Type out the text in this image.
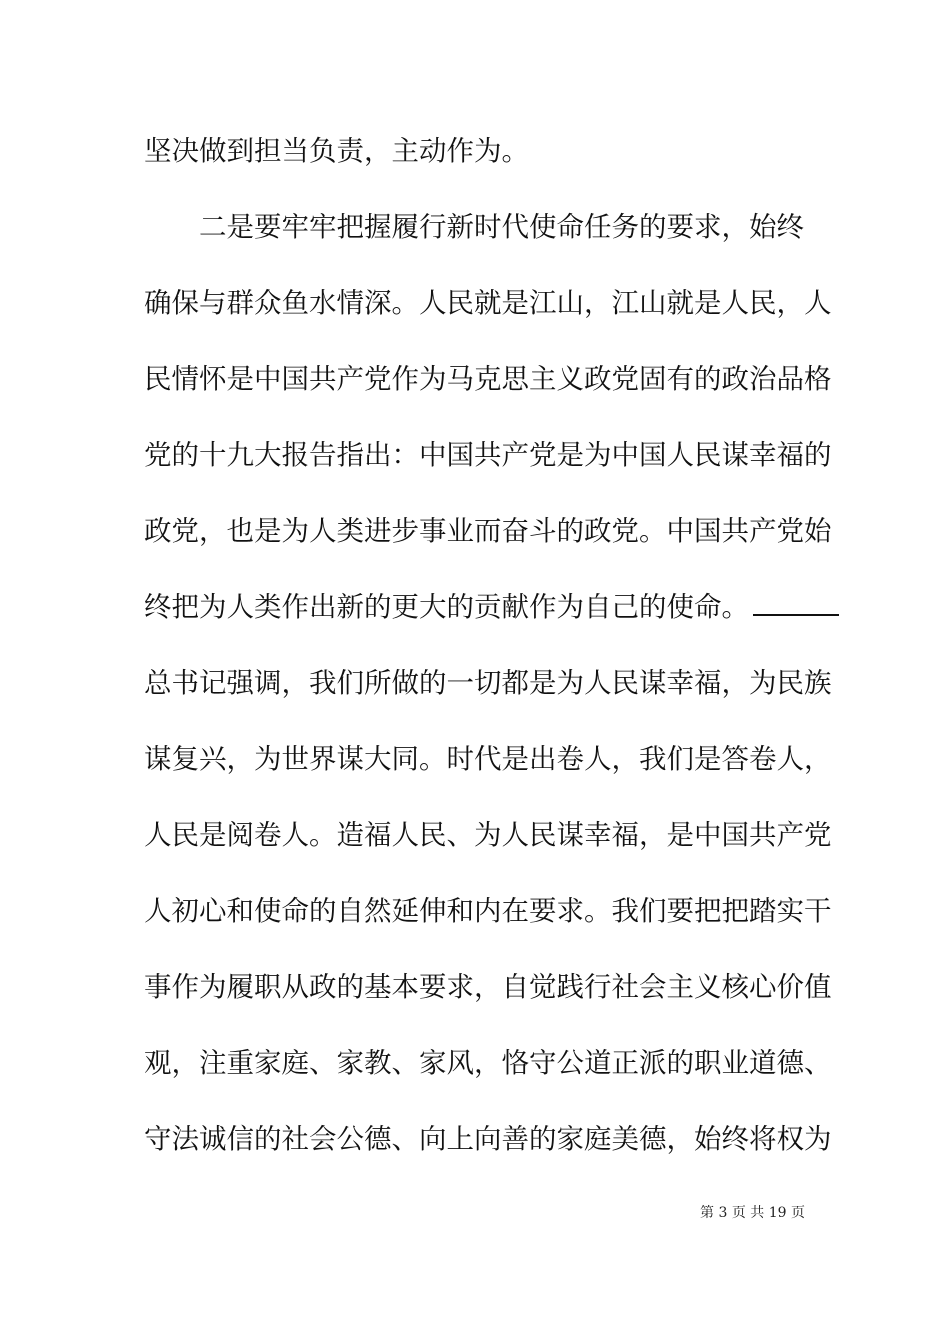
坚决做到担当负责，主动作为。
　　二是要牢牢把握履行新时代使命任务的要求，始终
确保与群众鱼水情深。人民就是江山，江山就是人民，人
民情怀是中国共产党作为马克思主义政党固有的政治品格
党的十九大报告指出：中国共产党是为中国人民谋幸福的
政党，也是为人类进步事业而奋斗的政党。中国共产党始
终把为人类作出新的更大的贡献作为自己的使命。
总书记强调，我们所做的一切都是为人民谋幸福，为民族
谋复兴，为世界谋大同。时代是出卷人，我们是答卷人，
人民是阅卷人。造福人民、为人民谋幸福，是中国共产党
人初心和使命的自然延伸和内在要求。我们要把把踏实干
事作为履职从政的基本要求，自觉践行社会主义核心价值
观，注重家庭、家教、家风，恪守公道正派的职业道德、
守法诚信的社会公德、向上向善的家庭美德，始终将权为
第 3 页 共 19 页
